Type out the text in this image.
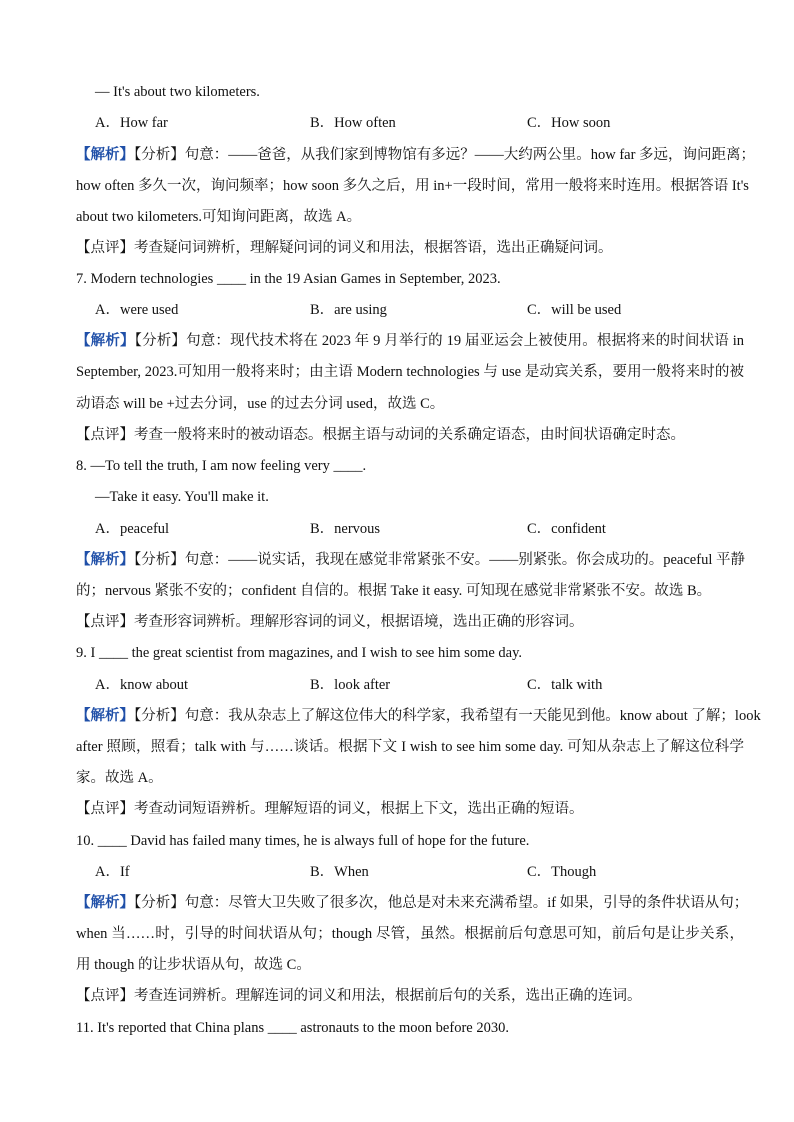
— It's about two kilometers.
A．How far	B．How often	C．How soon
【解析】【分析】句意：——爸爸，从我们家到博物馆有多远？——大约两公里。how far 多远，询问距离；
how often 多久一次，询问频率；how soon 多久之后，用 in+一段时间，常用一般将来时连用。根据答语 It's
about two kilometers.可知询问距离，故选 A。
【点评】考查疑问词辨析，理解疑问词的词义和用法，根据答语，选出正确疑问词。
7. Modern technologies ____ in the 19 Asian Games in September, 2023.
A．were used	B．are using	C．will be used
【解析】【分析】句意：现代技术将在 2023 年 9 月举行的 19 届亚运会上被使用。根据将来的时间状语 in
September, 2023.可知用一般将来时；由主语 Modern technologies 与 use 是动宾关系，要用一般将来时的被
动语态 will be +过去分词，use 的过去分词 used，故选 C。
【点评】考查一般将来时的被动语态。根据主语与动词的关系确定语态，由时间状语确定时态。
8. —To tell the truth, I am now feeling very ____.
—Take it easy. You'll make it.
A．peaceful	B．nervous	C．confident
【解析】【分析】句意：——说实话，我现在感觉非常紧张不安。——别紧张。你会成功的。peaceful 平静
的；nervous 紧张不安的；confident 自信的。根据 Take it easy. 可知现在感觉非常紧张不安。故选 B。
【点评】考查形容词辨析。理解形容词的词义，根据语境，选出正确的形容词。
9. I ____ the great scientist from magazines, and I wish to see him some day.
A．know about	B．look after	C．talk with
【解析】【分析】句意：我从杂志上了解这位伟大的科学家，我希望有一天能见到他。know about 了解；look
after 照顾，照看；talk with 与……谈话。根据下文 I wish to see him some day. 可知从杂志上了解这位科学
家。故选 A。
【点评】考查动词短语辨析。理解短语的词义，根据上下文，选出正确的短语。
10. ____ David has failed many times, he is always full of hope for the future.
A．If	B．When	C．Though
【解析】【分析】句意：尽管大卫失败了很多次，他总是对未来充满希望。if 如果，引导的条件状语从句；
when 当……时，引导的时间状语从句；though 尽管，虽然。根据前后句意思可知，前后句是让步关系，
用 though 的让步状语从句，故选 C。
【点评】考查连词辨析。理解连词的词义和用法，根据前后句的关系，选出正确的连词。
11. It's reported that China plans ____ astronauts to the moon before 2030.
